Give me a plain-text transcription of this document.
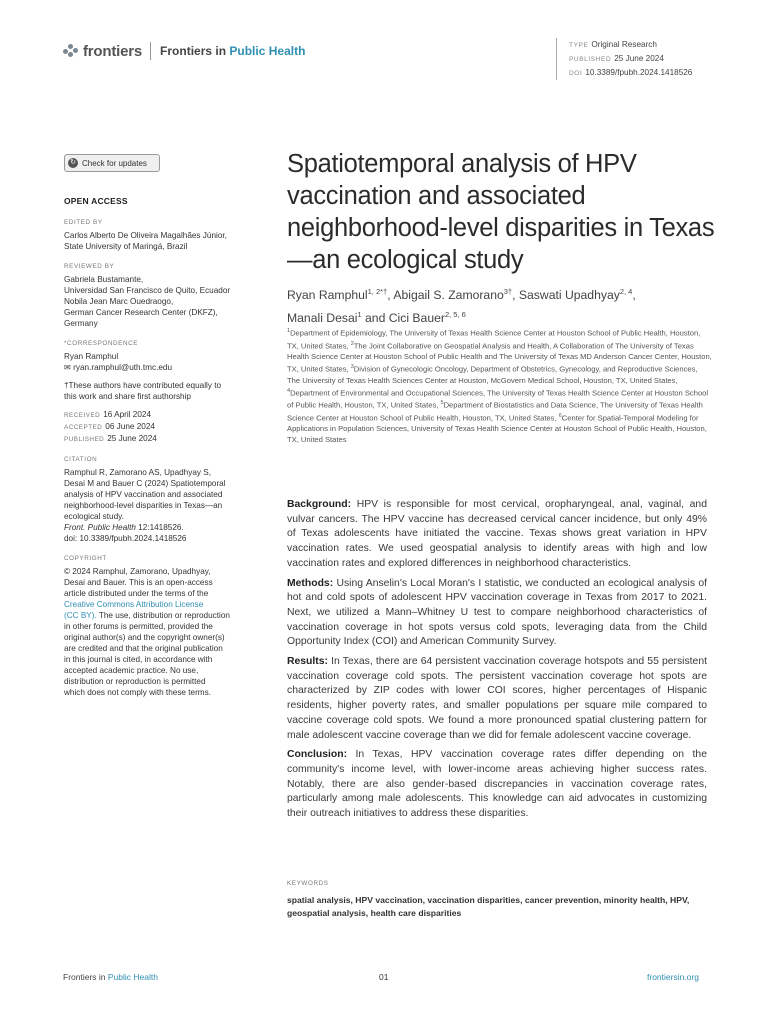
frontiers Frontiers in Public Health	TYPE Original Research
PUBLISHED 25 June 2024
DOI 10.3389/fpubh.2024.1418526
↻ Check for updates
OPEN ACCESS
EDITED BY
Carlos Alberto De Oliveira Magalhães Júnior,
State University of Maringá, Brazil
REVIEWED BY
Gabriela Bustamante,
Universidad San Francisco de Quito, Ecuador
Nobila Jean Marc Ouedraogo,
German Cancer Research Center (DKFZ),
Germany
*CORRESPONDENCE
Ryan Ramphul
✉ ryan.ramphul@uth.tmc.edu
†These authors have contributed equally to
this work and share first authorship
RECEIVED 16 April 2024
ACCEPTED 06 June 2024
PUBLISHED 25 June 2024
CITATION
Ramphul R, Zamorano AS, Upadhyay S,
Desai M and Bauer C (2024) Spatiotemporal
analysis of HPV vaccination and associated
neighborhood-level disparities in Texas—an
ecological study.
Front. Public Health 12:1418526.
doi: 10.3389/fpubh.2024.1418526
COPYRIGHT
© 2024 Ramphul, Zamorano, Upadhyay,
Desai and Bauer. This is an open-access
article distributed under the terms of the
Creative Commons Attribution License
(CC BY). The use, distribution or reproduction
in other forums is permitted, provided the
original author(s) and the copyright owner(s)
are credited and that the original publication
in this journal is cited, in accordance with
accepted academic practice. No use,
distribution or reproduction is permitted
which does not comply with these terms.
Spatiotemporal analysis of HPV vaccination and associated neighborhood-level disparities in Texas—an ecological study
Ryan Ramphul$^{1, 2*\dagger}$, Abigail S. Zamorano$^{3\dagger}$, Saswati Upadhyay$^{2, 4}$,
Manali Desai$^1$ and Cici Bauer$^{2, 5, 6}$
$^1$Department of Epidemiology, The University of Texas Health Science Center at Houston School of Public Health, Houston, TX, United States, $^2$The Joint Collaborative on Geospatial Analysis and Health, A Collaboration of The University of Texas Health Science Center at Houston School of Public Health and The University of Texas MD Anderson Cancer Center, Houston, TX, United States, $^3$Division of Gynecologic Oncology, Department of Obstetrics, Gynecology, and Reproductive Sciences, The University of Texas Health Sciences Center at Houston, McGovern Medical School, Houston, TX, United States, $^4$Department of Environmental and Occupational Sciences, The University of Texas Health Science Center at Houston School of Public Health, Houston, TX, United States, $^5$Department of Biostatistics and Data Science, The University of Texas Health Science Center at Houston School of Public Health, Houston, TX, United States, $^6$Center for Spatial-Temporal Modeling for Applications in Population Sciences, University of Texas Health Science Center at Houston School of Public Health, Houston, TX, United States

Background: HPV is responsible for most cervical, oropharyngeal, anal, vaginal, and vulvar cancers. The HPV vaccine has decreased cervical cancer incidence, but only 49% of Texas adolescents have initiated the vaccine. Texas shows great variation in HPV vaccination rates. We used geospatial analysis to identify areas with high and low vaccination rates and explored differences in neighborhood characteristics.

Methods: Using Anselin's Local Moran's I statistic, we conducted an ecological analysis of hot and cold spots of adolescent HPV vaccination coverage in Texas from 2017 to 2021. Next, we utilized a Mann–Whitney U test to compare neighborhood characteristics of vaccination coverage in hot spots versus cold spots, leveraging data from the Child Opportunity Index (COI) and American Community Survey.

Results: In Texas, there are 64 persistent vaccination coverage hotspots and 55 persistent vaccination coverage cold spots. The persistent vaccination coverage hot spots are characterized by ZIP codes with lower COI scores, higher percentages of Hispanic residents, higher poverty rates, and smaller populations per square mile compared to vaccine coverage cold spots. We found a more pronounced spatial clustering pattern for male adolescent vaccine coverage than we did for female adolescent vaccine coverage.

Conclusion: In Texas, HPV vaccination coverage rates differ depending on the community's income level, with lower-income areas achieving higher success rates. Notably, there are also gender-based discrepancies in vaccination coverage rates, particularly among male adolescents. This knowledge can aid advocates in customizing their outreach initiatives to address these disparities.

KEYWORDS
spatial analysis, HPV vaccination, vaccination disparities, cancer prevention, minority health, HPV, geospatial analysis, health care disparities
Frontiers in Public Health	01	frontiersin.org
